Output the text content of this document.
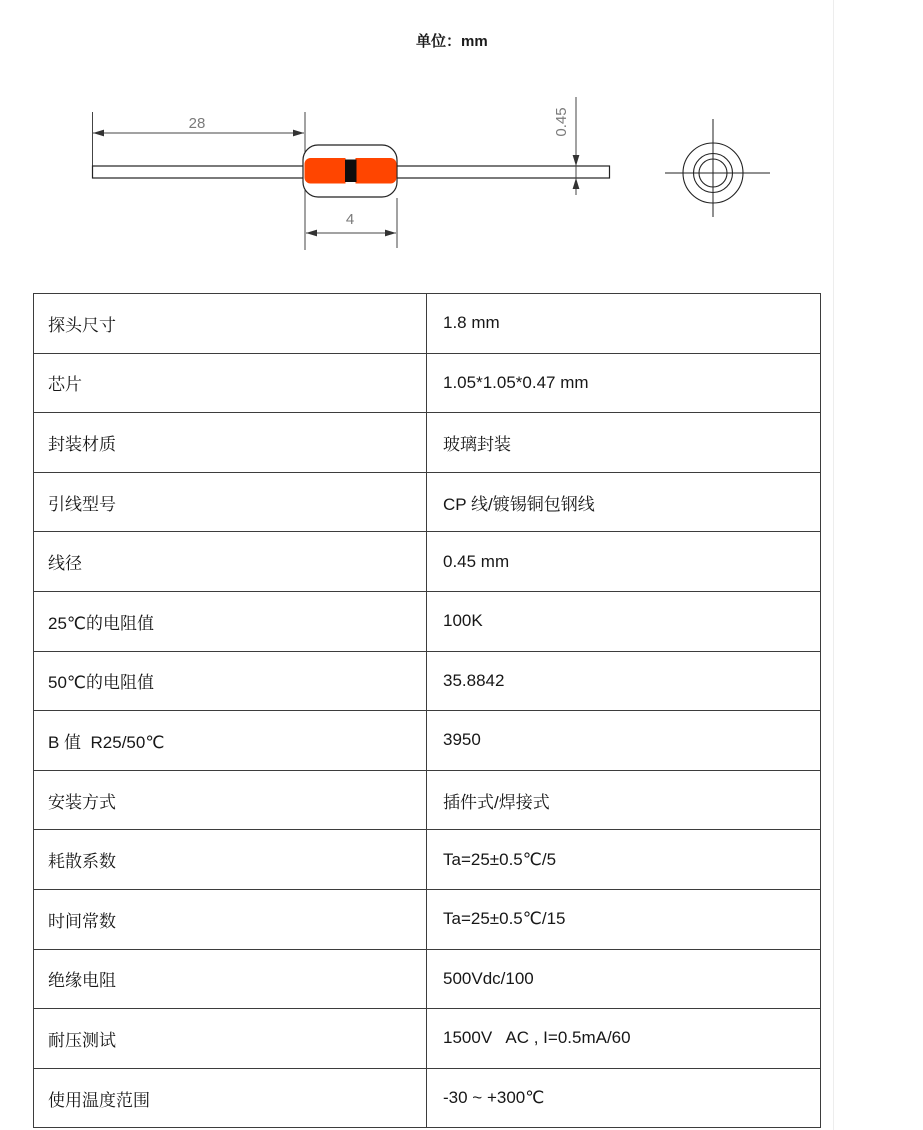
单位：mm
28
4
0.45
探头尺寸	1.8 mm
芯片	1.05*1.05*0.47 mm
封装材质	玻璃封装
引线型号	CP 线/镀锡铜包钢线
线径	0.45 mm
25℃的电阻值	100K
50℃的电阻值	35.8842
B 值  R25/50℃	3950
安装方式	插件式/焊接式
耗散系数	Ta=25±0.5℃/5
时间常数	Ta=25±0.5℃/15
绝缘电阻	500Vdc/100
耐压测试	1500V   AC , I=0.5mA/60
使用温度范围	-30 ~ +300℃
